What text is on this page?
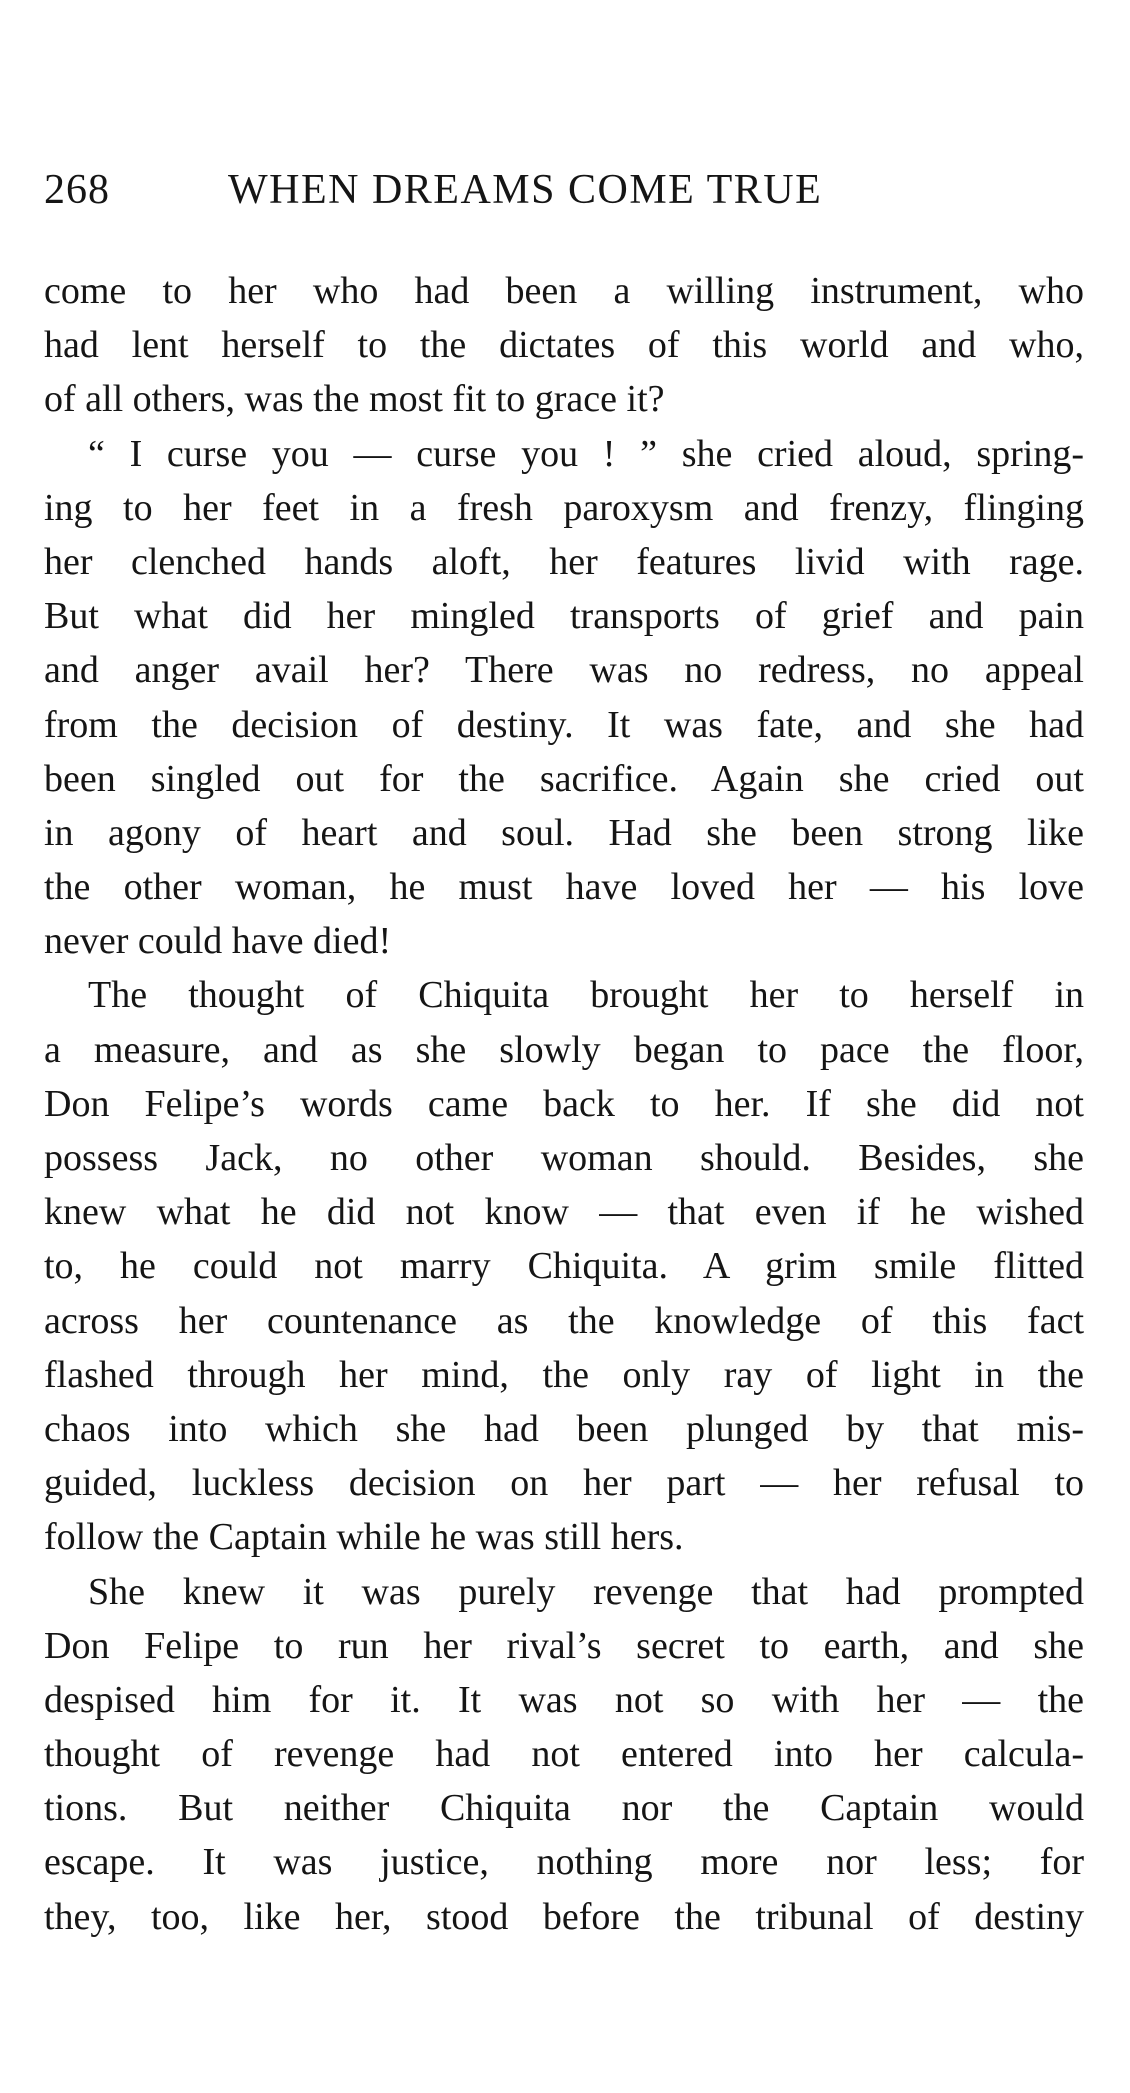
268	WHEN DREAMS COME TRUE
come to her who had been a willing instrument, who
had lent herself to the dictates of this world and who,
of all others, was the most fit to grace it?
“ I curse you — curse you ! ” she cried aloud, spring-
ing to her feet in a fresh paroxysm and frenzy, flinging
her clenched hands aloft, her features livid with rage.
But what did her mingled transports of grief and pain
and anger avail her? There was no redress, no appeal
from the decision of destiny. It was fate, and she had
been singled out for the sacrifice. Again she cried out
in agony of heart and soul. Had she been strong like
the other woman, he must have loved her — his love
never could have died!
The thought of Chiquita brought her to herself in
a measure, and as she slowly began to pace the floor,
Don Felipe’s words came back to her. If she did not
possess Jack, no other woman should. Besides, she
knew what he did not know — that even if he wished
to, he could not marry Chiquita. A grim smile flitted
across her countenance as the knowledge of this fact
flashed through her mind, the only ray of light in the
chaos into which she had been plunged by that mis-
guided, luckless decision on her part — her refusal to
follow the Captain while he was still hers.
She knew it was purely revenge that had prompted
Don Felipe to run her rival’s secret to earth, and she
despised him for it. It was not so with her — the
thought of revenge had not entered into her calcula-
tions. But neither Chiquita nor the Captain would
escape. It was justice, nothing more nor less; for
they, too, like her, stood before the tribunal of destiny
